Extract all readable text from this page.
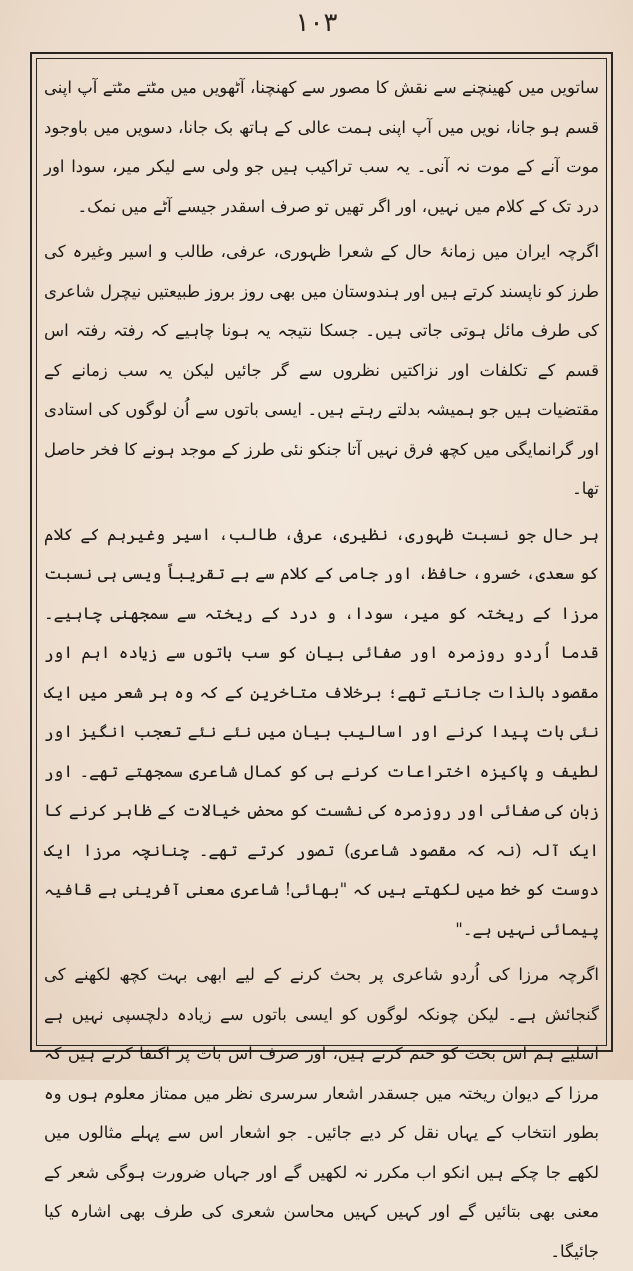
۱۰۳

ساتویں میں کھینچنے سے نقش کا مصور سے کھنچنا، آٹھویں میں مٹتے مٹتے آپ اپنی قسم ہو جانا، نویں میں آپ اپنی ہمت عالی کے ہاتھ بک جانا، دسویں میں باوجود موت آنے کے موت نہ آنی۔ یہ سب تراکیب ہیں جو ولی سے لیکر میر، سودا اور درد تک کے کلام میں نہیں، اور اگر تھیں تو صرف اسقدر جیسے آٹے میں نمک۔

اگرچہ ایران میں زمانۂ حال کے شعرا ظہوری، عرفی، طالب و اسیر وغیرہ کی طرز کو ناپسند کرتے ہیں اور ہندوستان میں بھی روز بروز طبیعتیں نیچرل شاعری کی طرف مائل ہوتی جاتی ہیں۔ جسکا نتیجہ یہ ہونا چاہیے کہ رفتہ رفتہ اس قسم کے تکلفات اور نزاکتیں نظروں سے گر جائیں لیکن یہ سب زمانے کے مقتضیات ہیں جو ہمیشہ بدلتے رہتے ہیں۔ ایسی باتوں سے اُن لوگوں کی استادی اور گرانمایگی میں کچھ فرق نہیں آتا جنکو نئی طرز کے موجد ہونے کا فخر حاصل تھا۔

ہر حال جو نسبت ظہوری، نظیری، عرفی، طالب، اسیر وغیرہم کے کلام کو سعدی، خسرو، حافظ، اور جامی کے کلام سے ہے تقریباً ویسی ہی نسبت مرزا کے ریختہ کو میر، سودا، و درد کے ریختہ سے سمجھنی چاہیے۔ قدما اُردو روزمرہ اور صفائی بیان کو سب باتوں سے زیادہ اہم اور مقصود بالذات جانتے تھے؛ برخلاف متاخرین کے کہ وہ ہر شعر میں ایک نئی بات پیدا کرنے اور اسالیب بیان میں نئے نئے تعجب انگیز اور لطیف و پاکیزہ اختراعات کرنے ہی کو کمال شاعری سمجھتے تھے۔ اور زبان کی صفائی اور روزمرہ کی نشست کو محض خیالات کے ظاہر کرنے کا ایک آلہ (نہ کہ مقصود شاعری) تصور کرتے تھے۔ چنانچہ مرزا ایک دوست کو خط میں لکھتے ہیں کہ "بھائی! شاعری معنی آفرینی ہے قافیہ پیمائی نہیں ہے۔"

اگرچہ مرزا کی اُردو شاعری پر بحث کرنے کے لیے ابھی بہت کچھ لکھنے کی گنجائش ہے۔ لیکن چونکہ لوگوں کو ایسی باتوں سے زیادہ دلچسپی نہیں ہے اسلیے ہم اس بحث کو ختم کرتے ہیں، اور صرف اس بات پر اکتفا کرتے ہیں کہ مرزا کے دیوان ریختہ میں جسقدر اشعار سرسری نظر میں ممتاز معلوم ہوں وہ بطور انتخاب کے یہاں نقل کر دیے جائیں۔ جو اشعار اس سے پہلے مثالوں میں لکھے جا چکے ہیں انکو اب مکرر نہ لکھیں گے اور جہاں ضرورت ہوگی شعر کے معنی بھی بتائیں گے اور کہیں کہیں محاسن شعری کی طرف بھی اشارہ کیا جائیگا۔
